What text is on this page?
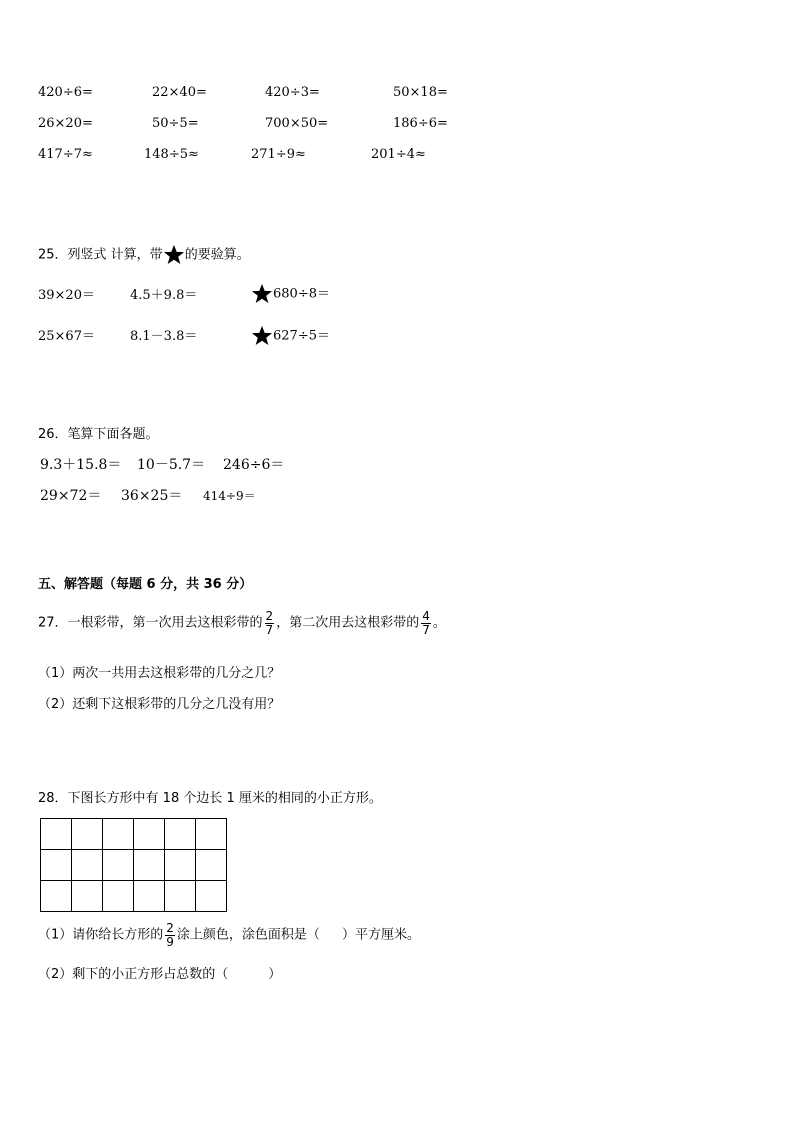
420÷6=	22×40=	420÷3=	50×18=
26×20=	50÷5=	700×50=	186÷6=
417÷7≈	148÷5≈	271÷9≈	201÷4≈
25．列竖式 计算，带 的要验算。
39×20＝	4.5＋9.8＝	680÷8＝
25×67＝	8.1－3.8＝	627÷5＝
26．笔算下面各题。
9.3＋15.8＝ 10－5.7＝ 246÷6＝
29×72＝ 36×25＝ 414÷9＝
五、解答题（每题 6 分，共 36 分）
27．一根彩带，第一次用去这根彩带的 $\frac{2}{7}$ ，第二次用去这根彩带的 $\frac{4}{7}$ 。
（1）两次一共用去这根彩带的几分之几？
（2）还剩下这根彩带的几分之几没有用？
28．下图长方形中有 18 个边长 1 厘米的相同的小正方形。

（1）请你给长方形的 $\frac{2}{9}$ 涂上颜色，涂色面积是（ ）平方厘米。
（2）剩下的小正方形占总数的（	）
